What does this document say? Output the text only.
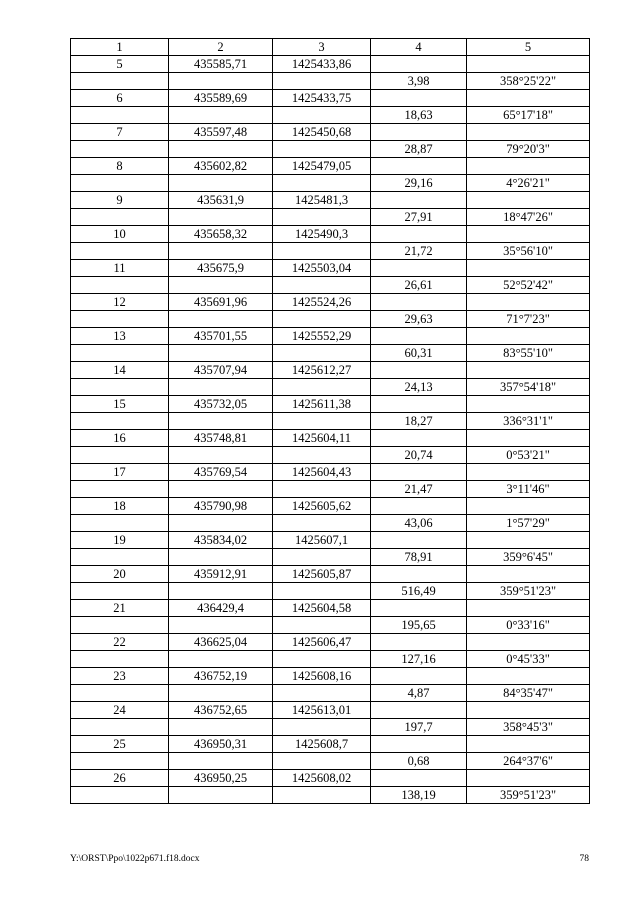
1	2	3	4	5
5	435585,71	1425433,86		
			3,98	358°25'22"
6	435589,69	1425433,75		
			18,63	65°17'18"
7	435597,48	1425450,68		
			28,87	79°20'3"
8	435602,82	1425479,05		
			29,16	4°26'21"
9	435631,9	1425481,3		
			27,91	18°47'26"
10	435658,32	1425490,3		
			21,72	35°56'10"
11	435675,9	1425503,04		
			26,61	52°52'42"
12	435691,96	1425524,26		
			29,63	71°7'23"
13	435701,55	1425552,29		
			60,31	83°55'10"
14	435707,94	1425612,27		
			24,13	357°54'18"
15	435732,05	1425611,38		
			18,27	336°31'1"
16	435748,81	1425604,11		
			20,74	0°53'21"
17	435769,54	1425604,43		
			21,47	3°11'46"
18	435790,98	1425605,62		
			43,06	1°57'29"
19	435834,02	1425607,1		
			78,91	359°6'45"
20	435912,91	1425605,87		
			516,49	359°51'23"
21	436429,4	1425604,58		
			195,65	0°33'16"
22	436625,04	1425606,47		
			127,16	0°45'33"
23	436752,19	1425608,16		
			4,87	84°35'47"
24	436752,65	1425613,01		
			197,7	358°45'3"
25	436950,31	1425608,7		
			0,68	264°37'6"
26	436950,25	1425608,02		
			138,19	359°51'23"
Y:\ORST\Ppo\1022p671.f18.docx	78
